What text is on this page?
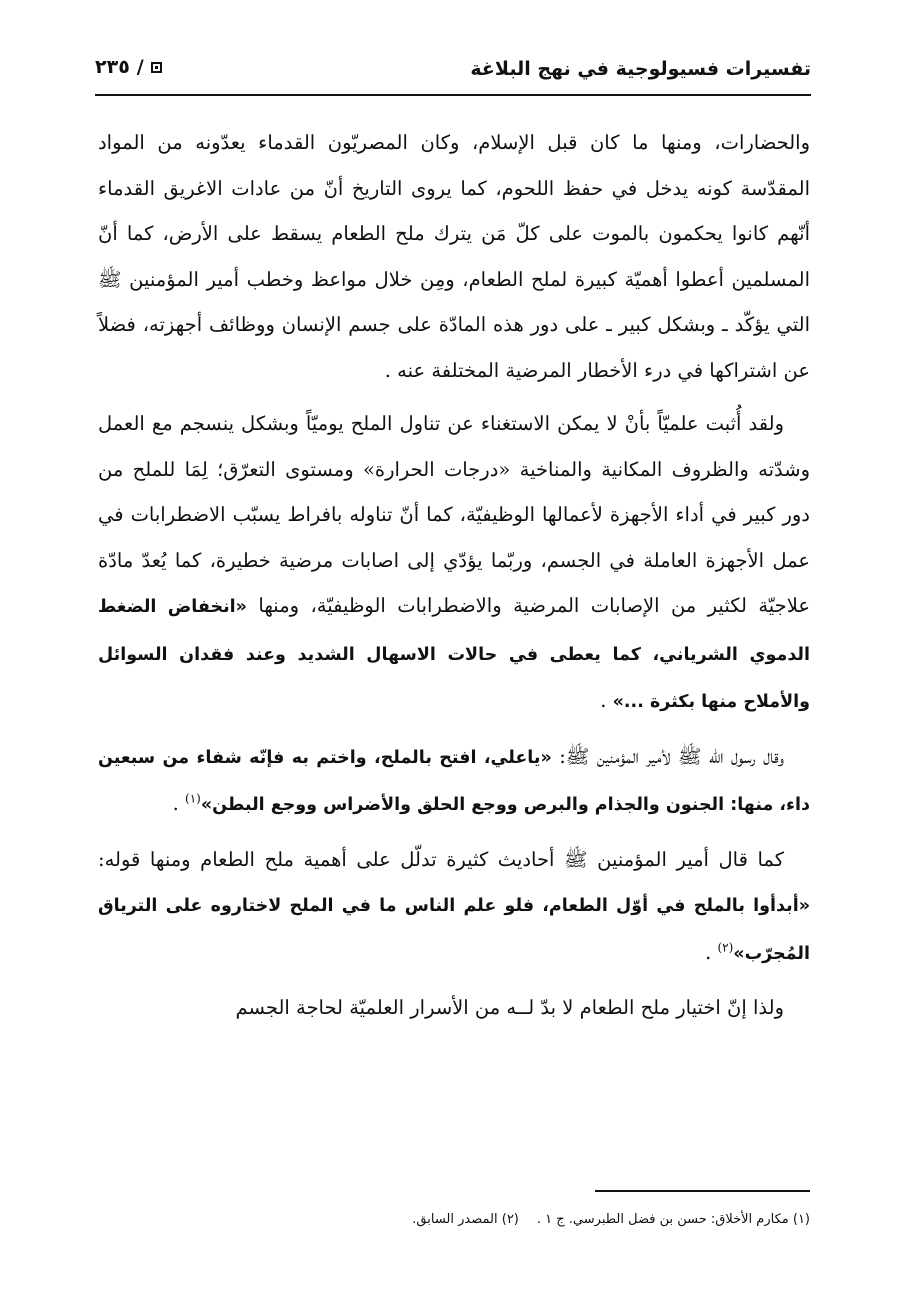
تفسيرات فسيولوجية في نهج البلاغة
٢٣٥ /

والحضارات، ومنها ما كان قبل الإسلام، وكان المصريّون القدماء يعدّونه من المواد المقدّسة كونه يدخل في حفظ اللحوم، كما يروى التاريخ أنّ من عادات الاغريق القدماء أنّهم كانوا يحكمون بالموت على كلّ مَن يترك ملح الطعام يسقط على الأرض، كما أنّ المسلمين أعطوا أهميّة كبيرة لملح الطعام، ومِن خلال مواعظ وخطب أمير المؤمنين ﷺ التي يؤكّد ـ وبشكل كبير ـ على دور هذه المادّة على جسم الإنسان ووظائف أجهزته، فضلاً عن اشتراكها في درء الأخطار المرضية المختلفة عنه .

ولقد أُثبت علميّاً بأنْ لا يمكن الاستغناء عن تناول الملح يوميّاً وبشكل ينسجم مع العمل وشدّته والظروف المكانية والمناخية «درجات الحرارة» ومستوى التعرّق؛ لِمَا للملح من دور كبير في أداء الأجهزة لأعمالها الوظيفيّة، كما أنّ تناوله بافراط يسبّب الاضطرابات في عمل الأجهزة العاملة في الجسم، وربّما يؤدّي إلى اصابات مرضية خطيرة، كما يُعدّ مادّة علاجيّة لكثير من الإصابات المرضية والاضطرابات الوظيفيّة، ومنها «انخفاض الضغط الدموي الشرياني، كما يعطى في حالات الاسهال الشديد وعند فقدان السوائل والأملاح منها بكثرة ...» .

وقال رسول الله ﷺ لأمير المؤمنين ﷺ: «ياعلي، افتح بالملح، واختم به فإنّه شفاء من سبعين داء، منها: الجنون والجذام والبرص ووجع الحلق والأضراس ووجع البطن»$^{(١)}$ .

كما قال أمير المؤمنين ﷺ أحاديث كثيرة تدلّل على أهمية ملح الطعام ومنها قوله: «أبدأوا بالملح في أوّل الطعام، فلو علم الناس ما في الملح لاختاروه على الترياق المُجرّب»$^{(٢)}$ .

ولذا إنّ اختيار ملح الطعام لا بدّ لــه من الأسرار العلميّة لحاجة الجسم

(١) مكارم الأخلاق: حسن بن فضل الطبرسي. ج ١ .
(٢) المصدر السابق.
